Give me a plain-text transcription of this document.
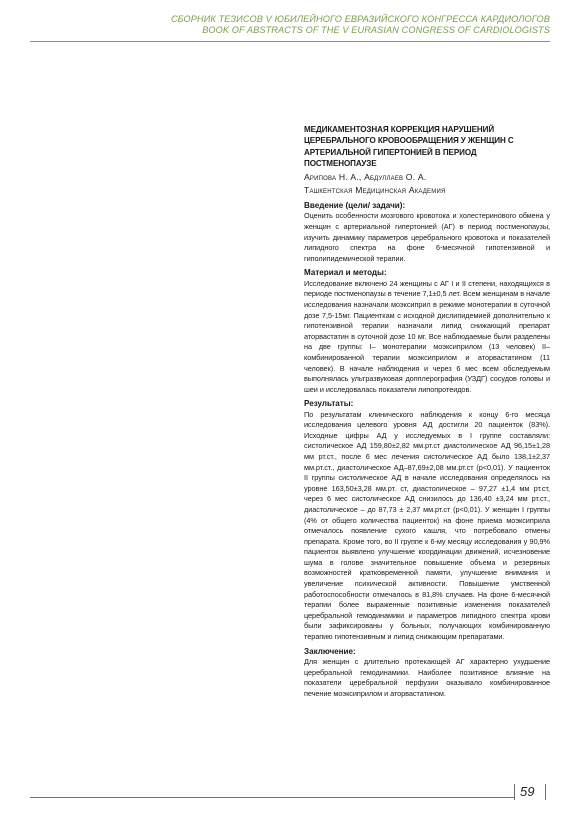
СБОРНИК ТЕЗИСОВ V ЮБИЛЕЙНОГО ЕВРАЗИЙСКОГО КОНГРЕССА КАРДИОЛОГОВ
BOOK OF ABSTRACTS OF THE V EURASIAN CONGRESS OF CARDIOLOGISTS

МЕДИКАМЕНТОЗНАЯ КОРРЕКЦИЯ НАРУШЕНИЙ ЦЕРЕБРАЛЬНОГО КРОВООБРАЩЕНИЯ У ЖЕНЩИН С АРТЕРИАЛЬНОЙ ГИПЕРТОНИЕЙ В ПЕРИОД ПОСТМЕНОПАУЗЕ

Арипова Н. А., Абдуллаев О. А.

Ташкентская Медицинская Академия

Введение (цели/ задачи):

Оценить особенности мозгового кровотока и холестеринового обмена у женщин с артериальной гипертонией (АГ) в период постменопаузы, изучить динамику параметров церебрального кровотока и показателей липидного спектра на фоне 6-месячной гипотензивной и гиполипидемической терапии.

Материал и методы:

Исследование включено 24 женщины с АГ I и II степени, находящихся в периоде постменопаузы в течение 7,1±0,5 лет. Всем женщинам в начале исследования назначали моэксиприл в режиме монотерапии в суточной дозе 7,5-15мг. Пациенткам с исходной дислипидемией дополнительно к гипотензивной терапии назначали липид снижающий препарат аторвастатин в суточной дозе 10 мг. Все наблюдаемые были разделены на две группы: I– монотерапии моэксиприлом (13 человек) II– комбинированной терапии моэксиприлом и аторвастатином (11 человек). В начале наблюдения и через 6 мес всем обследуемым выполнялась ультразвуковая допплерография (УЗДГ) сосудов головы и шеи и исследовалась показатели липопротеидов.

Результаты:

По результатам клинического наблюдения к концу 6-го месяца исследования целевого уровня АД достигли 20 пациенток (83%). Исходные цифры АД у исследуемых в I группе составляли: систолическое АД 159,80±2,82 мм.рт.ст диастолическое АД 96,15±1,28 мм рт.ст., после 6 мес лечения систолическое АД было 138,1±2,37 мм.рт.ст., диастолическое АД–87,69±2,08 мм.рт.ст (р<0,01). У пациенток II группы систолическое АД в начале исследования определялось на уровне 163,50±3,28 мм.рт. ст, диастолическое – 97,27 ±1,4 мм рт.ст, через 6 мес систолическое АД снизилось до 136,40 ±3,24 мм рт.ст., диастолическое – до 87,73 ± 2,37 мм.рт.ст (р<0,01). У женщин I группы (4% от общего количества пациенток) на фоне приема моэксиприла отмечалось появление сухого кашля, что потребовало отмены препарата. Кроме того, во II группе к 6-му месяцу исследования у 90,9% пациенток выявлено улучшение координации движений, исчезновение шума в голове значительное повышение объема и резервных возможностей кратковременной памяти, улучшение внимания и увеличение психической активности. Повышение умственной работоспособности отмечалось в 81,8% случаев. На фоне 6-месячной терапии более выраженные позитивные изменения показателей церебральной гемодинамики и параметров липидного спектра крови были зафиксированы у больных, получающих комбинированную терапию гипотензивным и липид снижающим препаратами.

Заключение:

Для женщин с длительно протекающей АГ характерно ухудшение церебральной гемодинамики. Наиболее позитивное влияние на показатели церебральной перфузии оказывало комбинированное печение моэксиприлом и аторвастатином.

59
